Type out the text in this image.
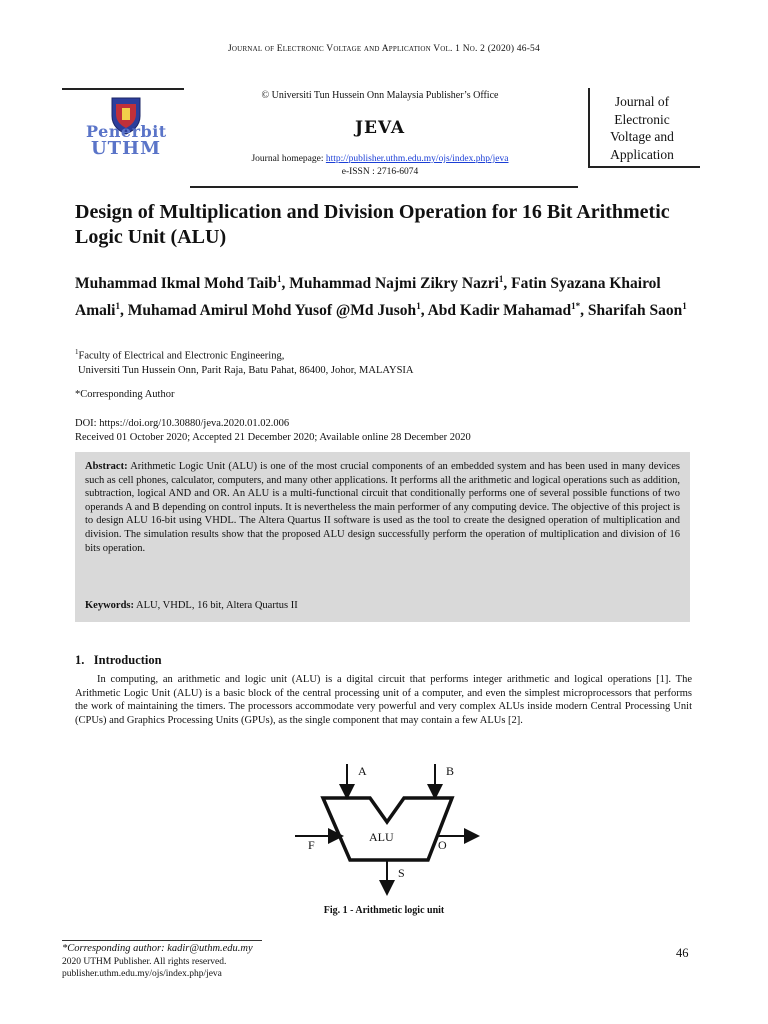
Journal of Electronic Voltage and Application Vol. 1 No. 2 (2020) 46-54
Penerbit
UTHM
© Universiti Tun Hussein Onn Malaysia Publisher’s Office
JEVA
Journal homepage: http://publisher.uthm.edu.my/ojs/index.php/jeva
e-ISSN : 2716-6074
Journal of
Electronic
Voltage and
Application
Design of Multiplication and Division Operation for 16 Bit Arithmetic Logic Unit (ALU)
Muhammad Ikmal Mohd Taib$^1$, Muhammad Najmi Zikry Nazri$^1$, Fatin Syazana Khairol Amali$^1$, Muhamad Amirul Mohd Yusof @Md Jusoh$^1$, Abd Kadir Mahamad$^{1*}$, Sharifah Saon$^1$
$^1$Faculty of Electrical and Electronic Engineering,
Universiti Tun Hussein Onn, Parit Raja, Batu Pahat, 86400, Johor, MALAYSIA
*Corresponding Author
DOI: https://doi.org/10.30880/jeva.2020.01.02.006
Received 01 October 2020; Accepted 21 December 2020; Available online 28 December 2020
Abstract: Arithmetic Logic Unit (ALU) is one of the most crucial components of an embedded system and has been used in many devices such as cell phones, calculator, computers, and many other applications. It performs all the arithmetic and logical operations such as addition, subtraction, logical AND and OR. An ALU is a multi-functional circuit that conditionally performs one of several possible functions of two operands A and B depending on control inputs. It is nevertheless the main performer of any computing device. The objective of this project is to design ALU 16-bit using VHDL. The Altera Quartus II software is used as the tool to create the designed operation of multiplication and division. The simulation results show that the proposed ALU design successfully perform the operation of multiplication and division of 16 bits operation.
Keywords: ALU, VHDL, 16 bit, Altera Quartus II
1.   Introduction
In computing, an arithmetic and logic unit (ALU) is a digital circuit that performs integer arithmetic and logical operations [1]. The Arithmetic Logic Unit (ALU) is a basic block of the central processing unit of a computer, and even the simplest microprocessors that performs the work of maintaining the timers. The processors accommodate very powerful and very complex ALUs inside modern Central Processing Unit (CPUs) and Graphics Processing Units (GPUs), as the single component that may contain a few ALUs [2].
A	B
ALU
F	O
S
Fig. 1 - Arithmetic logic unit
*Corresponding author: kadir@uthm.edu.my
2020 UTHM Publisher. All rights reserved.
publisher.uthm.edu.my/ojs/index.php/jeva
46
